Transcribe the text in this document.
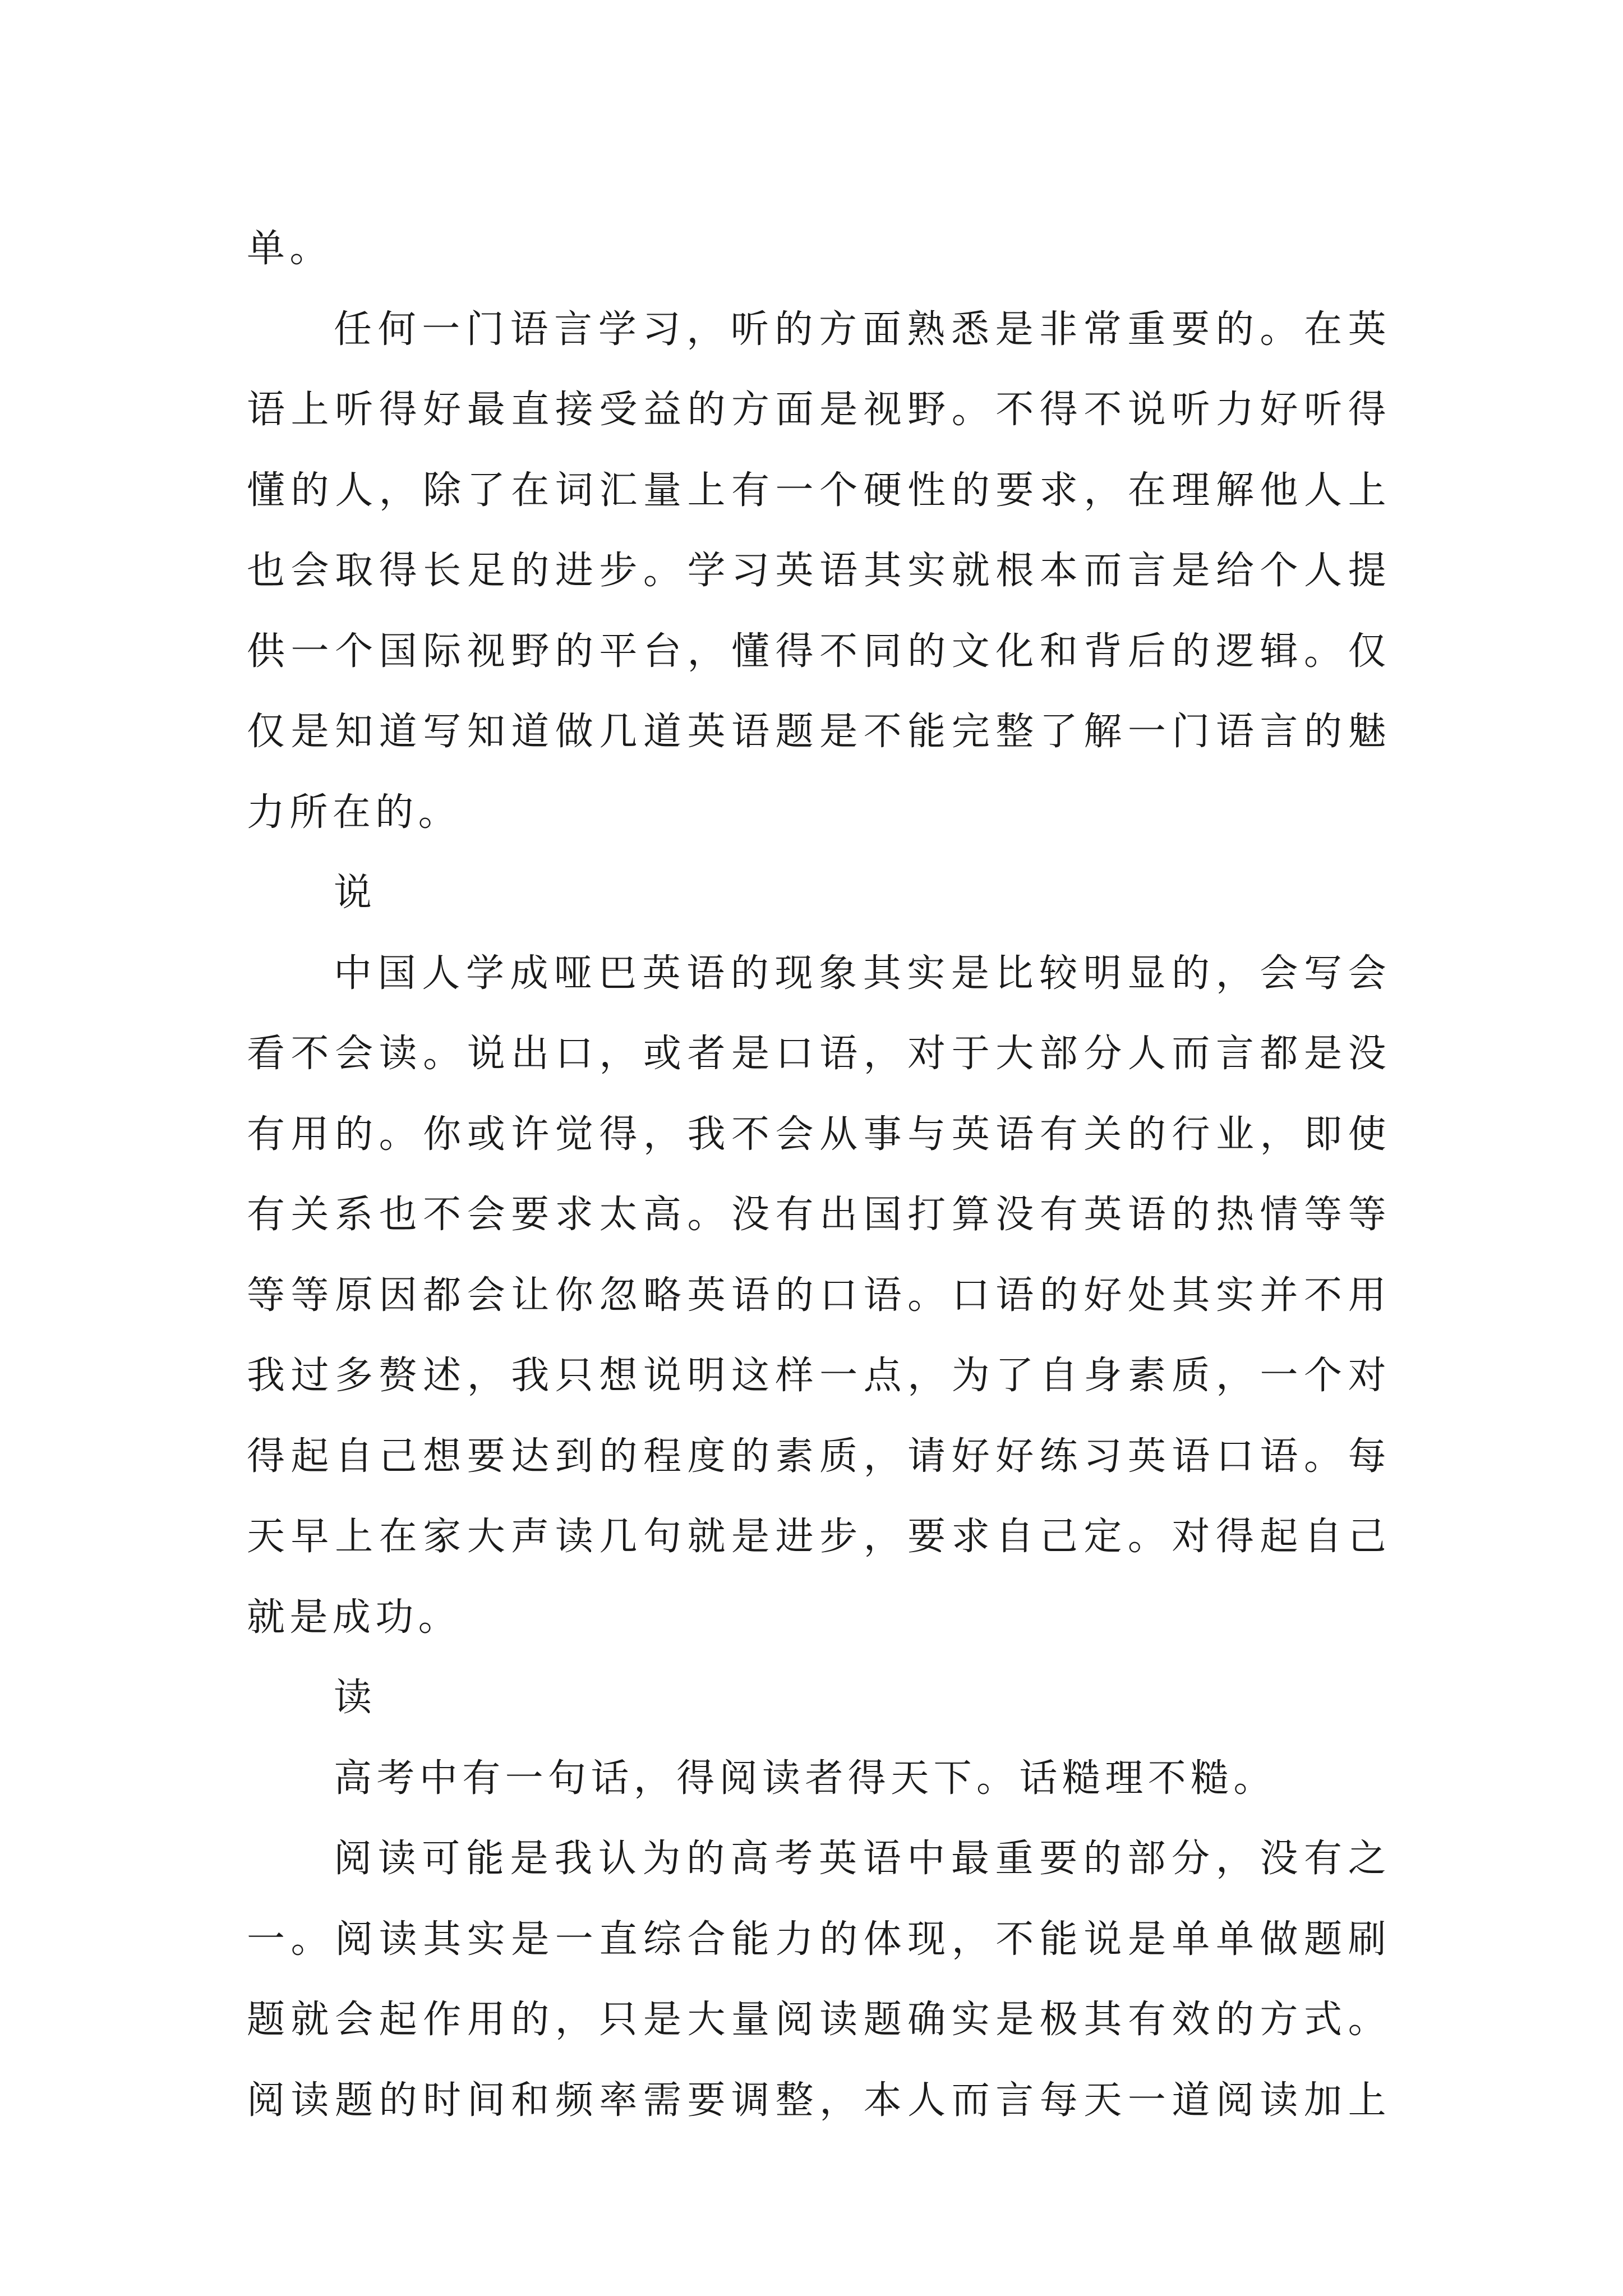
单。

任何一门语言学习，听的方面熟悉是非常重要的。在英语上听得好最直接受益的方面是视野。不得不说听力好听得懂的人，除了在词汇量上有一个硬性的要求，在理解他人上也会取得长足的进步。学习英语其实就根本而言是给个人提供一个国际视野的平台，懂得不同的文化和背后的逻辑。仅仅是知道写知道做几道英语题是不能完整了解一门语言的魅力所在的。

说

中国人学成哑巴英语的现象其实是比较明显的，会写会看不会读。说出口，或者是口语，对于大部分人而言都是没有用的。你或许觉得，我不会从事与英语有关的行业，即使有关系也不会要求太高。没有出国打算没有英语的热情等等等等原因都会让你忽略英语的口语。口语的好处其实并不用我过多赘述，我只想说明这样一点，为了自身素质，一个对得起自己想要达到的程度的素质，请好好练习英语口语。每天早上在家大声读几句就是进步，要求自己定。对得起自己就是成功。

读

高考中有一句话，得阅读者得天下。话糙理不糙。

阅读可能是我认为的高考英语中最重要的部分，没有之一。阅读其实是一直综合能力的体现，不能说是单单做题刷题就会起作用的，只是大量阅读题确实是极其有效的方式。阅读题的时间和频率需要调整，本人而言每天一道阅读加上
